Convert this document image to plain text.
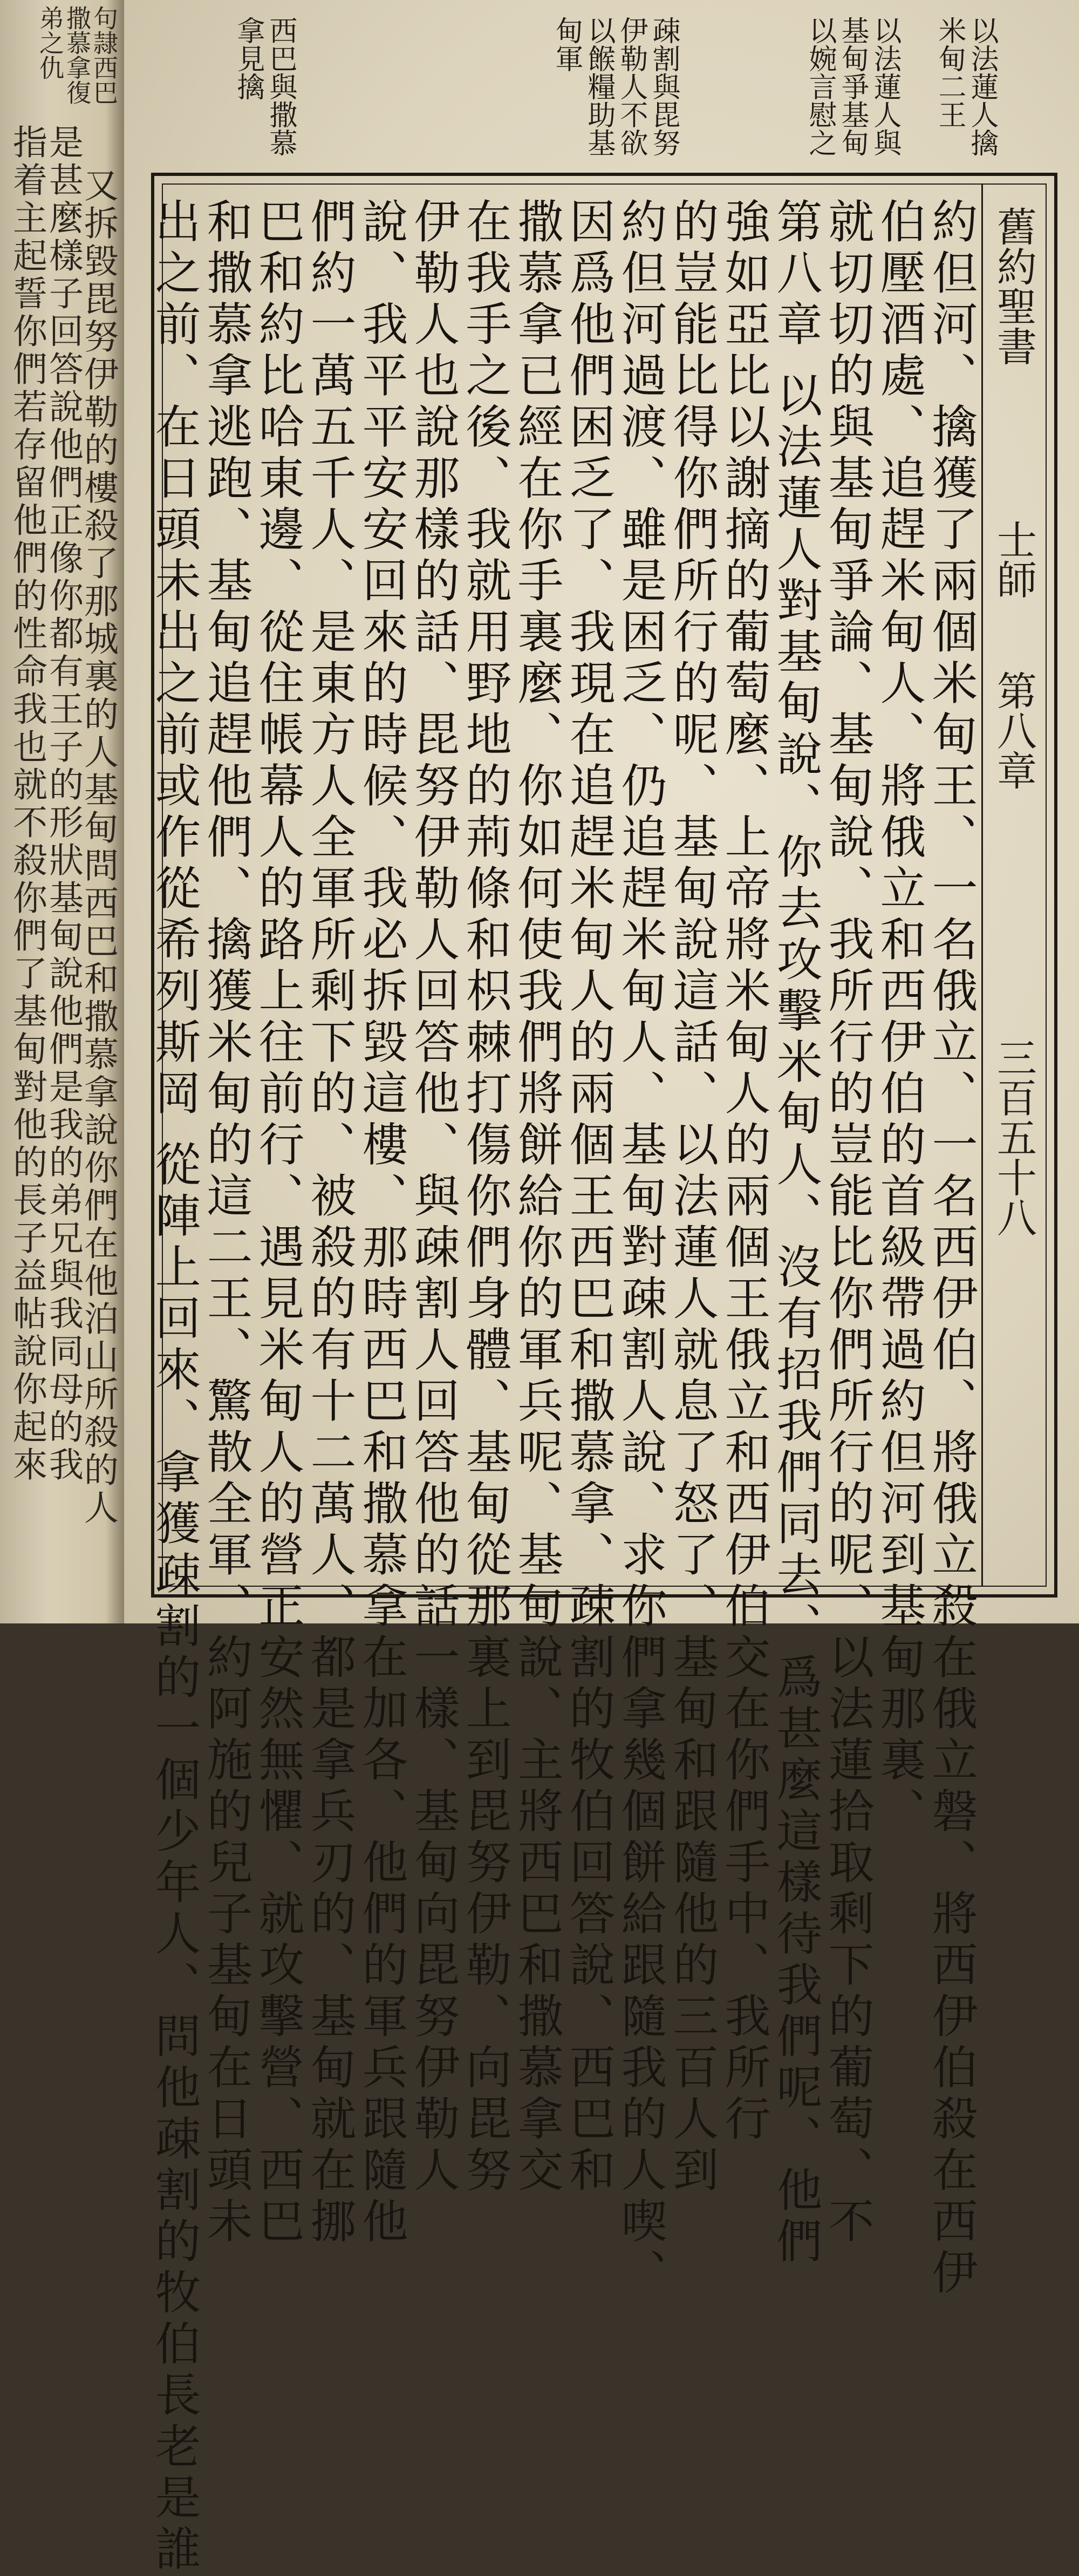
句隷西巴
撒慕拿復
弟之仇
又拆毀毘努伊勒的樓殺了那城裏的人基甸問西巴和撒慕拿說你們在他泊山所殺的人
是甚麼樣子回答說他們正像你都有王子的形狀基甸說他們是我的弟兄與我同母的我
指着主起誓你們若存留他們的性命我也就不殺你們了基甸對他的長子益帖說你起來
以法蓮人擒
米甸二王
以法蓮人與
基甸爭基甸
以婉言慰之
疎割與毘努
伊勒人不欲
以餱糧助基
甸軍
西巴與撒慕
拿見擒
舊約聖書
士師
第八章
三百五十八
約但河、擒獲了兩個米甸王、一名俄立、一名西伊伯、將俄立殺在俄立磐、將西伊伯殺在西伊
伯壓酒處、追趕米甸人、將俄立和西伊伯的首級帶過約但河到基甸那裏、
就切切的與基甸爭論、基甸說、我所行的豈能比你們所行的呢、以法蓮拾取剩下的葡萄、不
第八章 以法蓮人對基甸說、你去攻擊米甸人、沒有招我們同去、爲甚麼這樣待我們呢、他們
強如亞比以謝摘的葡萄麼、上帝將米甸人的兩個王俄立和西伊伯交在你們手中、我所行
的豈能比得你們所行的呢、基甸說這話、以法蓮人就息了怒了、基甸和跟隨他的三百人到
約但河過渡、雖是困乏、仍追趕米甸人、基甸對疎割人說、求你們拿幾個餅給跟隨我的人喫、
因爲他們困乏了、我現在追趕米甸人的兩個王西巴和撒慕拿、疎割的牧伯回答說、西巴和
撒慕拿已經在你手裏麼、你如何使我們將餅給你的軍兵呢、基甸說、主將西巴和撒慕拿交
在我手之後、我就用野地的荊條和枳棘打傷你們身體、基甸從那裏上到毘努伊勒、向毘努
伊勒人也說那樣的話、毘努伊勒人回答他、與疎割人回答他的話一樣、基甸向毘努伊勒人
說、我平平安安回來的時候、我必拆毀這樓、那時西巴和撒慕拿在加各、他們的軍兵跟隨他
們約一萬五千人、是東方人全軍所剩下的、被殺的有十二萬人、都是拿兵刃的、基甸就在挪
巴和約比哈東邊、從住帳幕人的路上往前行、遇見米甸人的營正安然無懼、就攻擊營、西巴
和撒慕拿逃跑、基甸追趕他們、擒獲米甸的這二王、驚散全軍、約阿施的兒子基甸在日頭未
出之前、在日頭未出之前或作從希列斯岡 從陣上回來、拿獲疎割的一個少年人、問他疎割的牧伯長老是誰
